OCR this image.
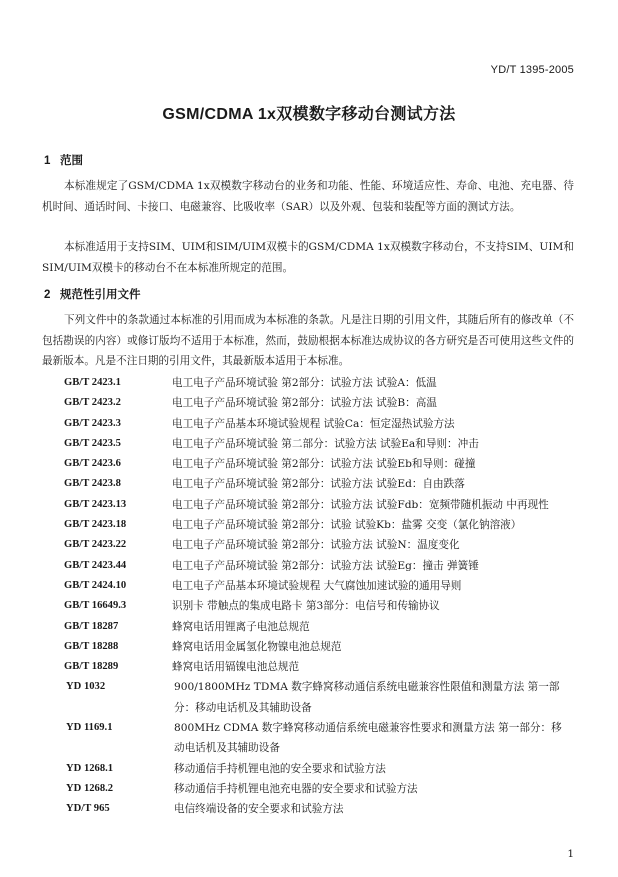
YD/T 1395-2005
GSM/CDMA 1x双模数字移动台测试方法
1 范围
本标准规定了GSM/CDMA 1x双模数字移动台的业务和功能、性能、环境适应性、寿命、电池、充电器、待机时间、通话时间、卡接口、电磁兼容、比吸收率（SAR）以及外观、包装和装配等方面的测试方法。
本标准适用于支持SIM、UIM和SIM/UIM双模卡的GSM/CDMA 1x双模数字移动台，不支持SIM、UIM和SIM/UIM双模卡的移动台不在本标准所规定的范围。
2 规范性引用文件
下列文件中的条款通过本标准的引用而成为本标准的条款。凡是注日期的引用文件，其随后所有的修改单（不包括勘误的内容）或修订版均不适用于本标准，然而，鼓励根据本标准达成协议的各方研究是否可使用这些文件的最新版本。凡是不注日期的引用文件，其最新版本适用于本标准。
GB/T 2423.1	电工电子产品环境试验 第2部分：试验方法 试验A：低温
GB/T 2423.2	电工电子产品环境试验 第2部分：试验方法 试验B：高温
GB/T 2423.3	电工电子产品基本环境试验规程 试验Ca：恒定湿热试验方法
GB/T 2423.5	电工电子产品环境试验 第二部分：试验方法 试验Ea和导则：冲击
GB/T 2423.6	电工电子产品环境试验 第2部分：试验方法 试验Eb和导则：碰撞
GB/T 2423.8	电工电子产品环境试验 第2部分：试验方法 试验Ed：自由跌落
GB/T 2423.13	电工电子产品环境试验 第2部分：试验方法 试验Fdb：宽频带随机振动 中再现性
GB/T 2423.18	电工电子产品环境试验 第2部分：试验 试验Kb：盐雾 交变（氯化钠溶液）
GB/T 2423.22	电工电子产品环境试验 第2部分：试验方法 试验N：温度变化
GB/T 2423.44	电工电子产品环境试验 第2部分：试验方法 试验Eg：撞击 弹簧锤
GB/T 2424.10	电工电子产品基本环境试验规程 大气腐蚀加速试验的通用导则
GB/T 16649.3	识别卡 带触点的集成电路卡 第3部分：电信号和传输协议
GB/T 18287	蜂窝电话用锂离子电池总规范
GB/T 18288	蜂窝电话用金属氢化物镍电池总规范
GB/T 18289	蜂窝电话用镉镍电池总规范
YD 1032	900/1800MHz TDMA 数字蜂窝移动通信系统电磁兼容性限值和测量方法 第一部分：移动电话机及其辅助设备
YD 1169.1	800MHz CDMA 数字蜂窝移动通信系统电磁兼容性要求和测量方法 第一部分：移动电话机及其辅助设备
YD 1268.1	移动通信手持机锂电池的安全要求和试验方法
YD 1268.2	移动通信手持机锂电池充电器的安全要求和试验方法
YD/T 965	电信终端设备的安全要求和试验方法
1
